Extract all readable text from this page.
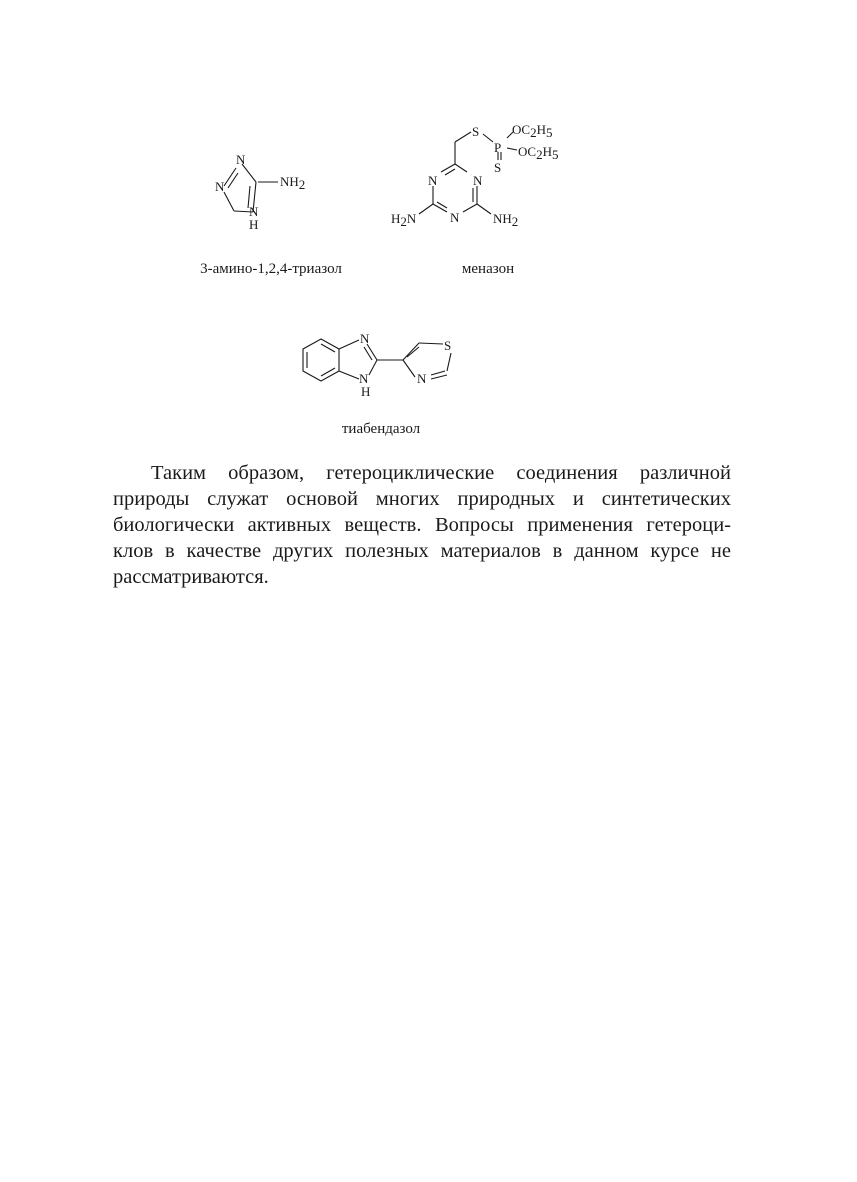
N
N
N
H
NH2
3-амино-1,2,4-триазол
S
P
S
OC2H5
OC2H5
N	N
N
H2N	NH2
меназон
N
N
H
S
N
тиабендазол

Таким образом, гетероциклические соединения различной
природы служат основой многих природных и синтетических
биологически активных веществ. Вопросы применения гетероци-
клов в качестве других полезных материалов в данном курсе не
рассматриваются.
